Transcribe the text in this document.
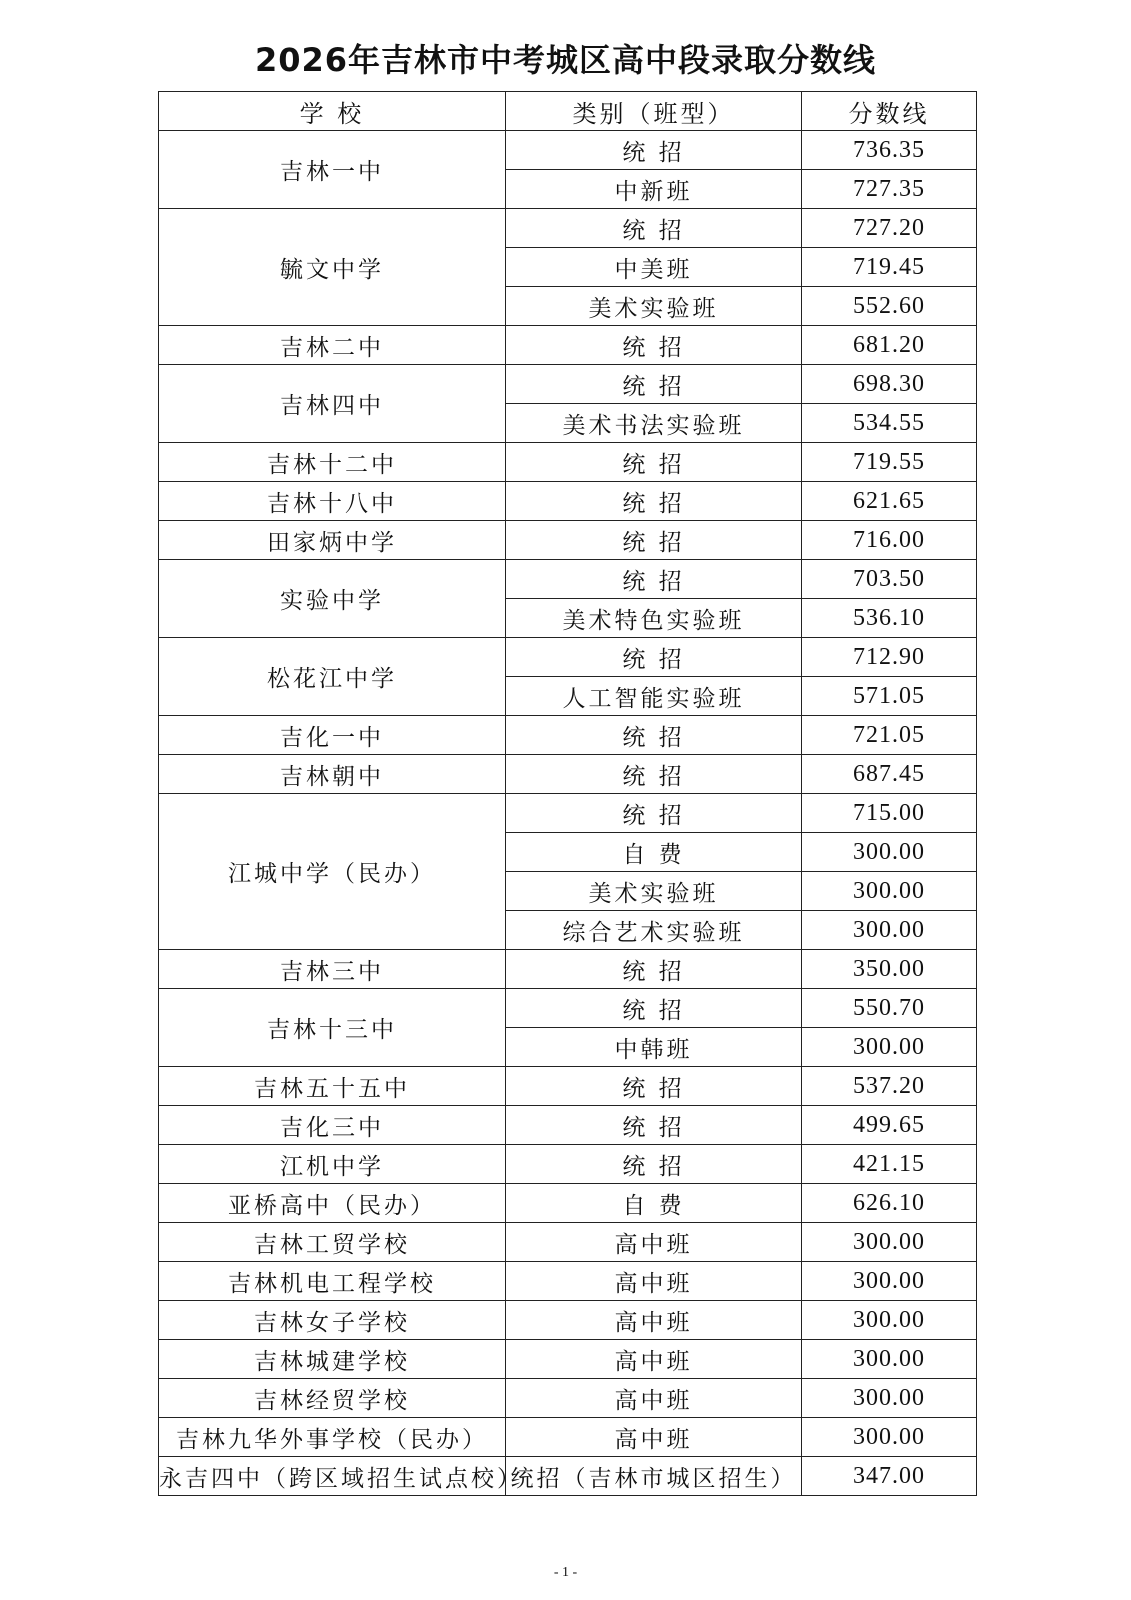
2026年吉林市中考城区高中段录取分数线
学 校	类别（班型）	分数线
吉林一中	统 招	736.35
	中新班	727.35
毓文中学	统 招	727.20
	中美班	719.45
	美术实验班	552.60
吉林二中	统 招	681.20
吉林四中	统 招	698.30
	美术书法实验班	534.55
吉林十二中	统 招	719.55
吉林十八中	统 招	621.65
田家炳中学	统 招	716.00
实验中学	统 招	703.50
	美术特色实验班	536.10
松花江中学	统 招	712.90
	人工智能实验班	571.05
吉化一中	统 招	721.05
吉林朝中	统 招	687.45
江城中学（民办）	统 招	715.00
	自 费	300.00
	美术实验班	300.00
	综合艺术实验班	300.00
吉林三中	统 招	350.00
吉林十三中	统 招	550.70
	中韩班	300.00
吉林五十五中	统 招	537.20
吉化三中	统 招	499.65
江机中学	统 招	421.15
亚桥高中（民办）	自 费	626.10
吉林工贸学校	高中班	300.00
吉林机电工程学校	高中班	300.00
吉林女子学校	高中班	300.00
吉林城建学校	高中班	300.00
吉林经贸学校	高中班	300.00
吉林九华外事学校（民办）	高中班	300.00
永吉四中（跨区域招生试点校）	统招（吉林市城区招生）	347.00
- 1 -
